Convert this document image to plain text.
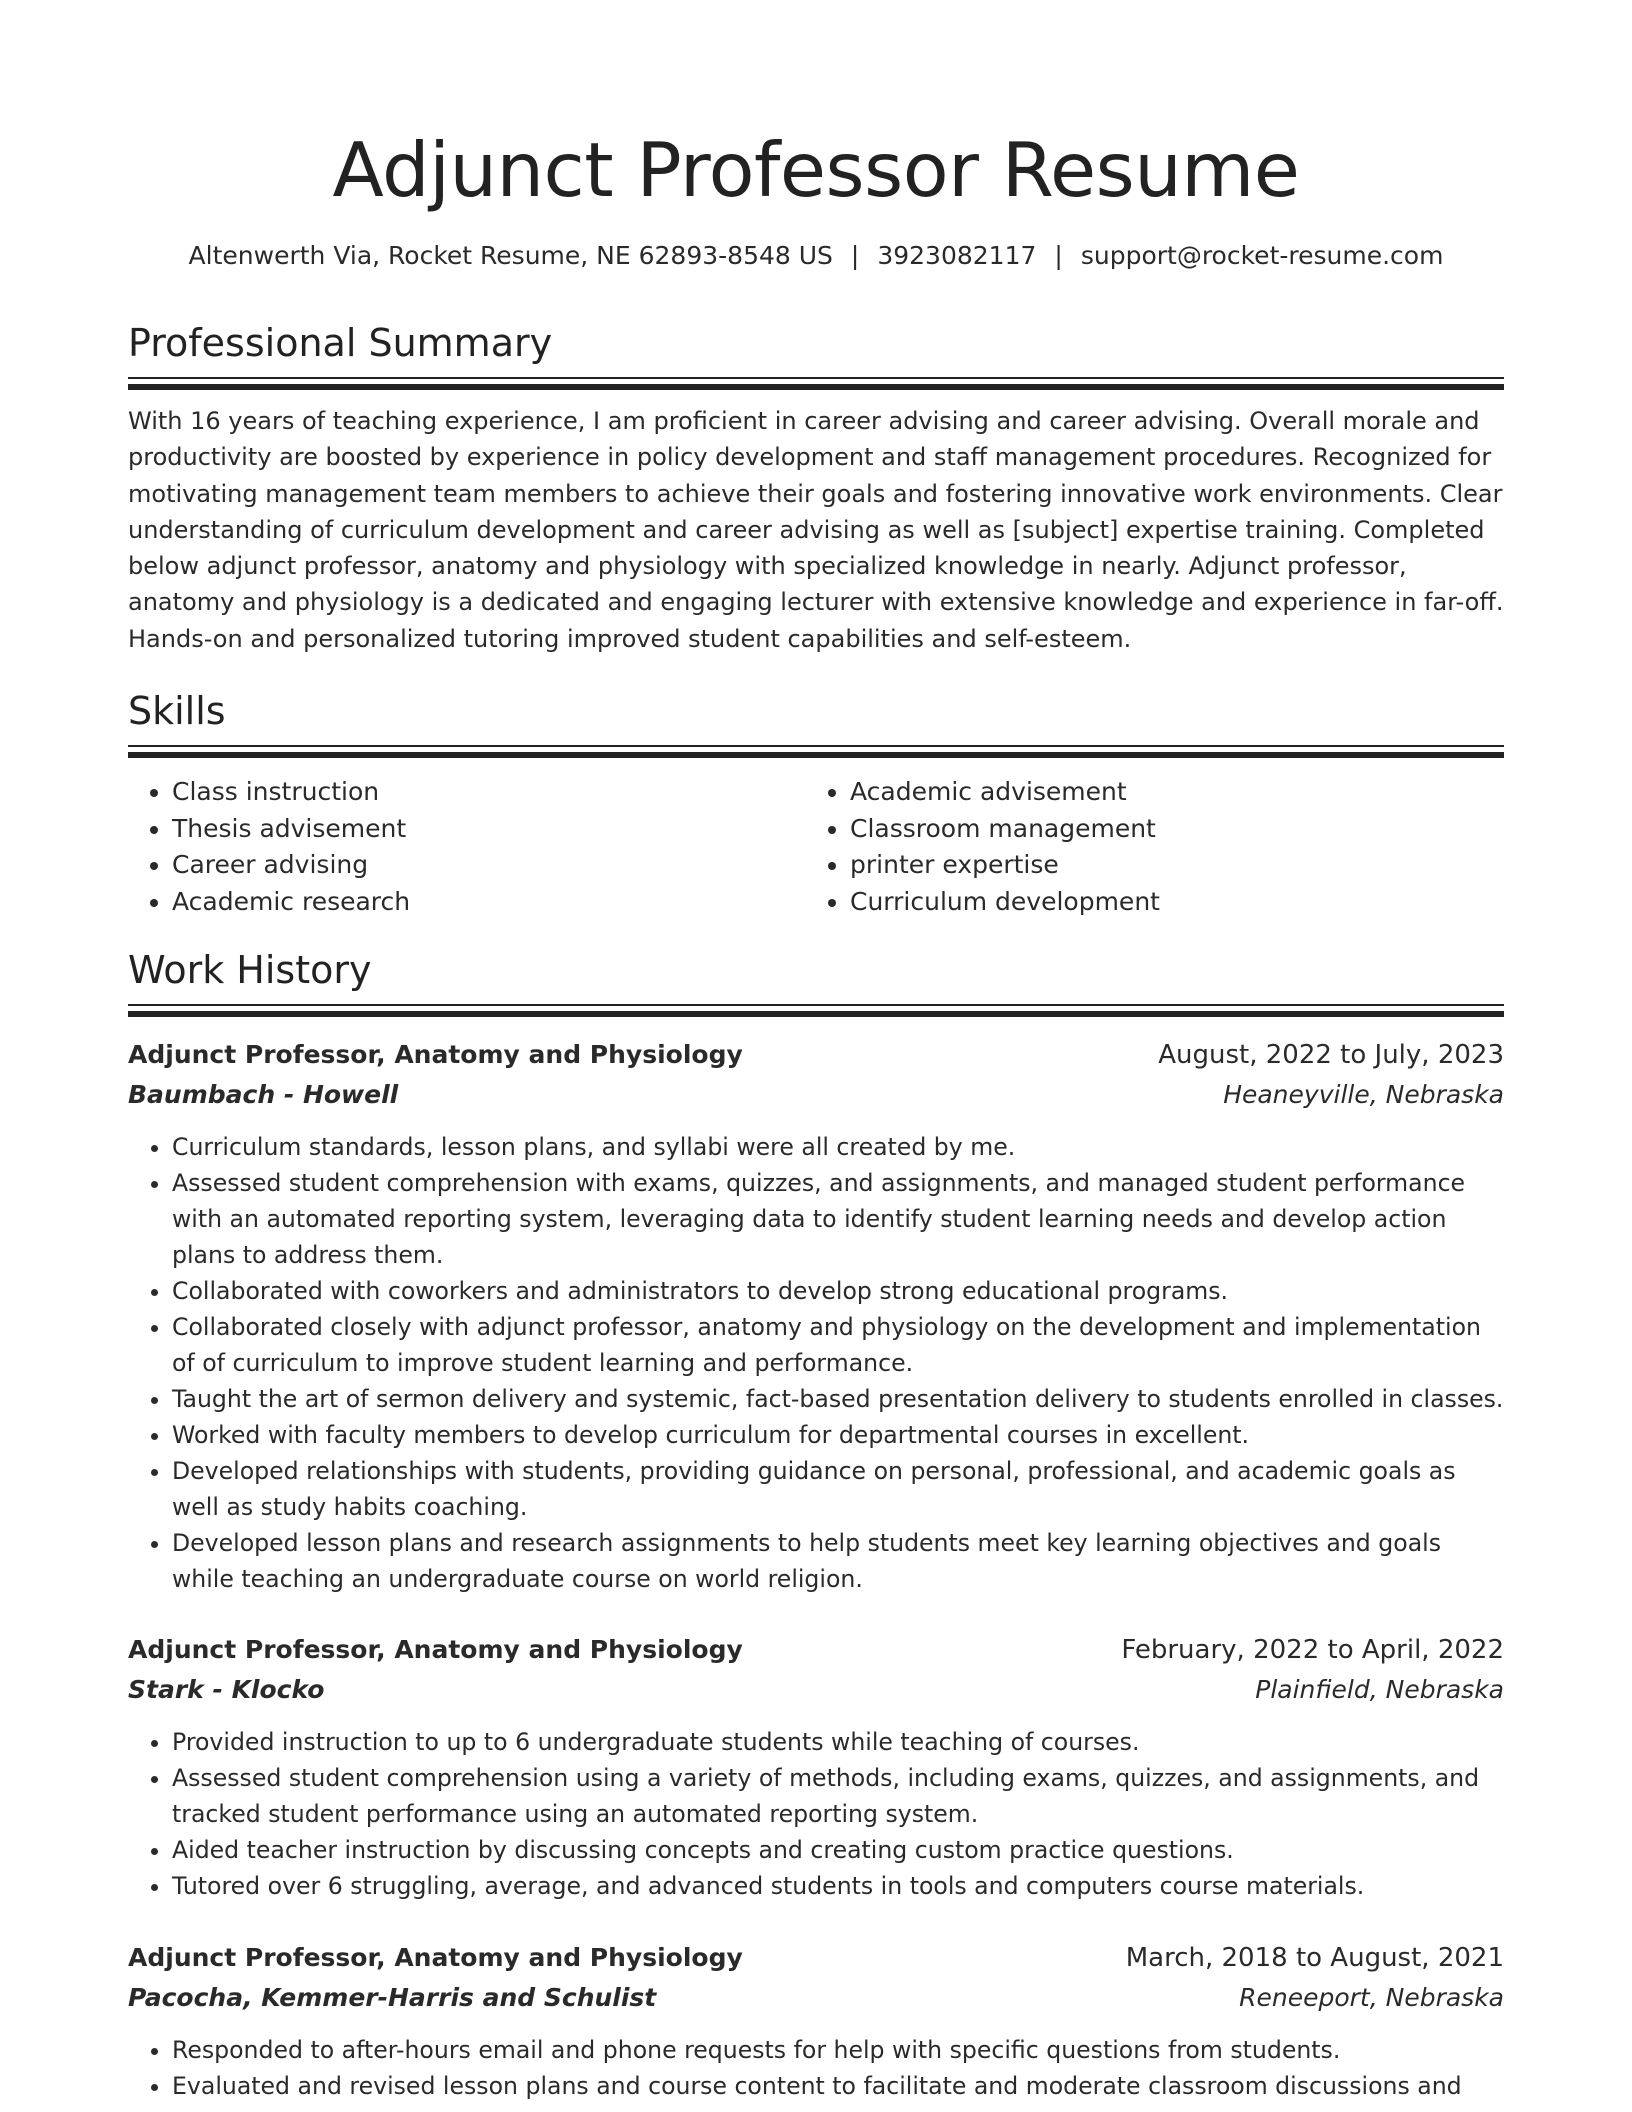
Adjunct Professor Resume
Altenwerth Via, Rocket Resume, NE 62893-8548 US | 3923082117 | support@rocket-resume.com
Professional Summary

With 16 years of teaching experience, I am proficient in career advising and career advising. Overall morale and productivity are boosted by experience in policy development and staff management procedures. Recognized for motivating management team members to achieve their goals and fostering innovative work environments. Clear understanding of curriculum development and career advising as well as [subject] expertise training. Completed below adjunct professor, anatomy and physiology with specialized knowledge in nearly. Adjunct professor, anatomy and physiology is a dedicated and engaging lecturer with extensive knowledge and experience in far-off. Hands-on and personalized tutoring improved student capabilities and self-esteem.

Skills
• Class instruction
• Thesis advisement
• Career advising
• Academic research
• Academic advisement
• Classroom management
• printer expertise
• Curriculum development
Work History
Adjunct Professor, Anatomy and Physiology	August, 2022 to July, 2023
Baumbach - Howell	Heaneyville, Nebraska
• Curriculum standards, lesson plans, and syllabi were all created by me.
• Assessed student comprehension with exams, quizzes, and assignments, and managed student performance with an automated reporting system, leveraging data to identify student learning needs and develop action plans to address them.
• Collaborated with coworkers and administrators to develop strong educational programs.
• Collaborated closely with adjunct professor, anatomy and physiology on the development and implementation of of curriculum to improve student learning and performance.
• Taught the art of sermon delivery and systemic, fact-based presentation delivery to students enrolled in classes.
• Worked with faculty members to develop curriculum for departmental courses in excellent.
• Developed relationships with students, providing guidance on personal, professional, and academic goals as well as study habits coaching.
• Developed lesson plans and research assignments to help students meet key learning objectives and goals while teaching an undergraduate course on world religion.
Adjunct Professor, Anatomy and Physiology	February, 2022 to April, 2022
Stark - Klocko	Plainfield, Nebraska
• Provided instruction to up to 6 undergraduate students while teaching of courses.
• Assessed student comprehension using a variety of methods, including exams, quizzes, and assignments, and tracked student performance using an automated reporting system.
• Aided teacher instruction by discussing concepts and creating custom practice questions.
• Tutored over 6 struggling, average, and advanced students in tools and computers course materials.
Adjunct Professor, Anatomy and Physiology	March, 2018 to August, 2021
Pacocha, Kemmer-Harris and Schulist	Reneeport, Nebraska
• Responded to after-hours email and phone requests for help with specific questions from students.
• Evaluated and revised lesson plans and course content to facilitate and moderate classroom discussions and
